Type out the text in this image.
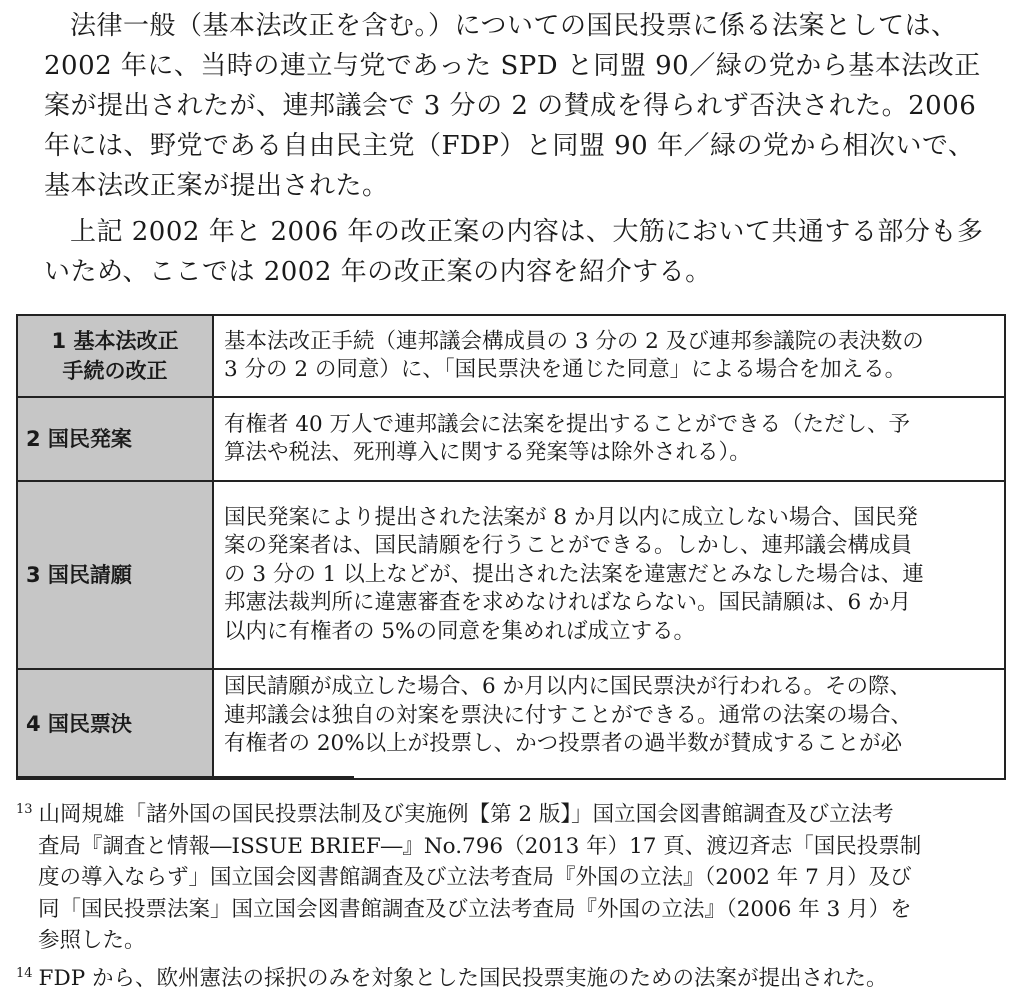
法律一般（基本法改正を含む。）についての国民投票に係る法案としては、
2002 年に、当時の連立与党であった SPD と同盟 90／緑の党から基本法改正
案が提出されたが、連邦議会で 3 分の 2 の賛成を得られず否決された。2006
年には、野党である自由民主党（FDP）と同盟 90 年／緑の党から相次いで、
基本法改正案が提出された。
上記 2002 年と 2006 年の改正案の内容は、大筋において共通する部分も多
いため、ここでは 2002 年の改正案の内容を紹介する。
1 基本法改正
手続の改正	基本法改正手続（連邦議会構成員の 3 分の 2 及び連邦参議院の表決数の
3 分の 2 の同意）に、「国民票決を通じた同意」による場合を加える。

2 国民発案	有権者 40 万人で連邦議会に法案を提出することができる（ただし、予
算法や税法、死刑導入に関する発案等は除外される）。

3 国民請願	国民発案により提出された法案が 8 か月以内に成立しない場合、国民発
案の発案者は、国民請願を行うことができる。しかし、連邦議会構成員
の 3 分の 1 以上などが、提出された法案を違憲だとみなした場合は、連
邦憲法裁判所に違憲審査を求めなければならない。国民請願は、6 か月
以内に有権者の 5%の同意を集めれば成立する。

4 国民票決	国民請願が成立した場合、6 か月以内に国民票決が行われる。その際、
連邦議会は独自の対案を票決に付すことができる。通常の法案の場合、
有権者の 20%以上が投票し、かつ投票者の過半数が賛成することが必
$^{13}$ 山岡規雄「諸外国の国民投票法制及び実施例【第 2 版】」国立国会図書館調査及び立法考
査局『調査と情報―ISSUE BRIEF―』No.796（2013 年）17 頁、渡辺斉志「国民投票制
度の導入ならず」国立国会図書館調査及び立法考査局『外国の立法』（2002 年 7 月）及び
同「国民投票法案」国立国会図書館調査及び立法考査局『外国の立法』（2006 年 3 月）を
参照した。
$^{14}$ FDP から、欧州憲法の採択のみを対象とした国民投票実施のための法案が提出された。
